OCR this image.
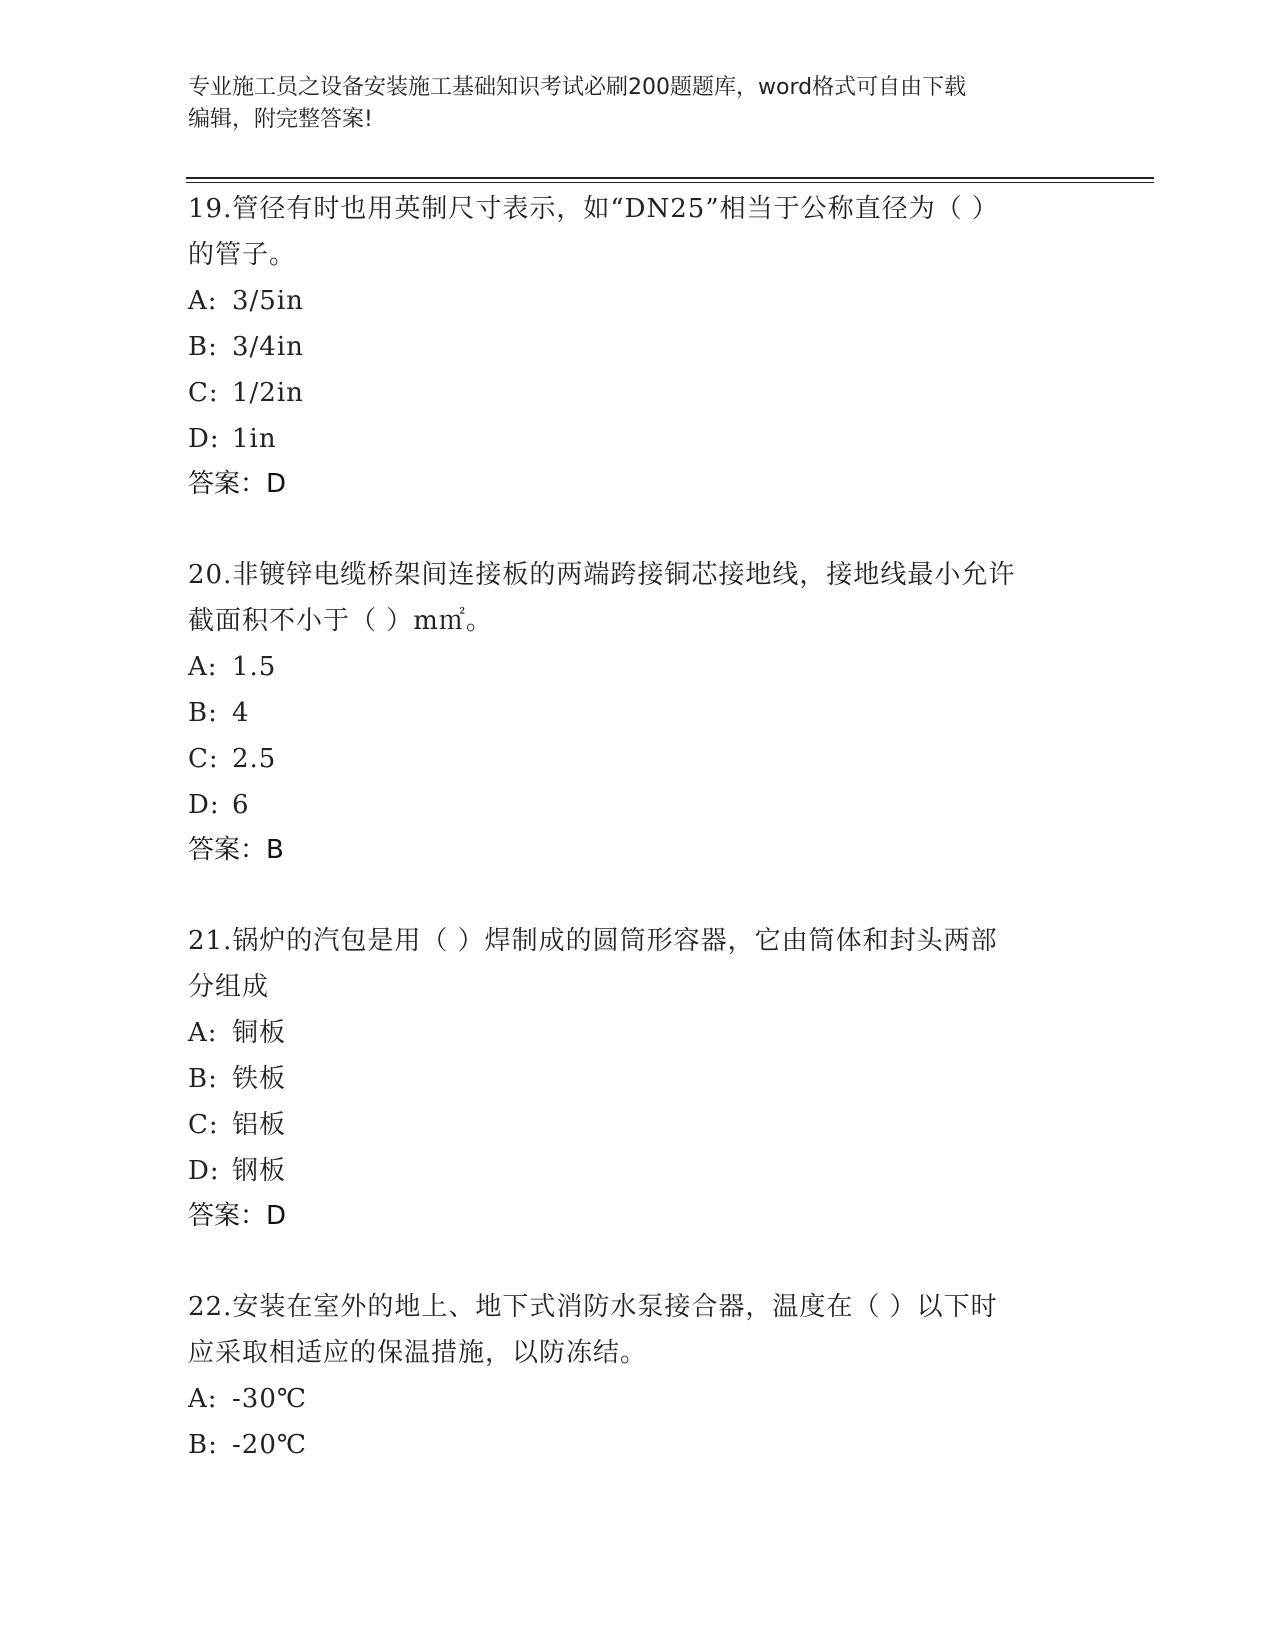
专业施工员之设备安装施工基础知识考试必刷200题题库，word格式可自由下载
编辑，附完整答案!
19.管径有时也用英制尺寸表示，如“DN25”相当于公称直径为（ ）
的管子。
A: 3/5in
B: 3/4in
C: 1/2in
D: 1in
答案：D
20.非镀锌电缆桥架间连接板的两端跨接铜芯接地线，接地线最小允许
截面积不小于（ ）m㎡。
A: 1.5
B: 4
C: 2.5
D: 6
答案：B
21.锅炉的汽包是用（ ）焊制成的圆筒形容器，它由筒体和封头两部
分组成
A: 铜板
B: 铁板
C: 铝板
D: 钢板
答案：D
22.安装在室外的地上、地下式消防水泵接合器，温度在（ ）以下时
应采取相适应的保温措施，以防冻结。
A: -30℃
B: -20℃
